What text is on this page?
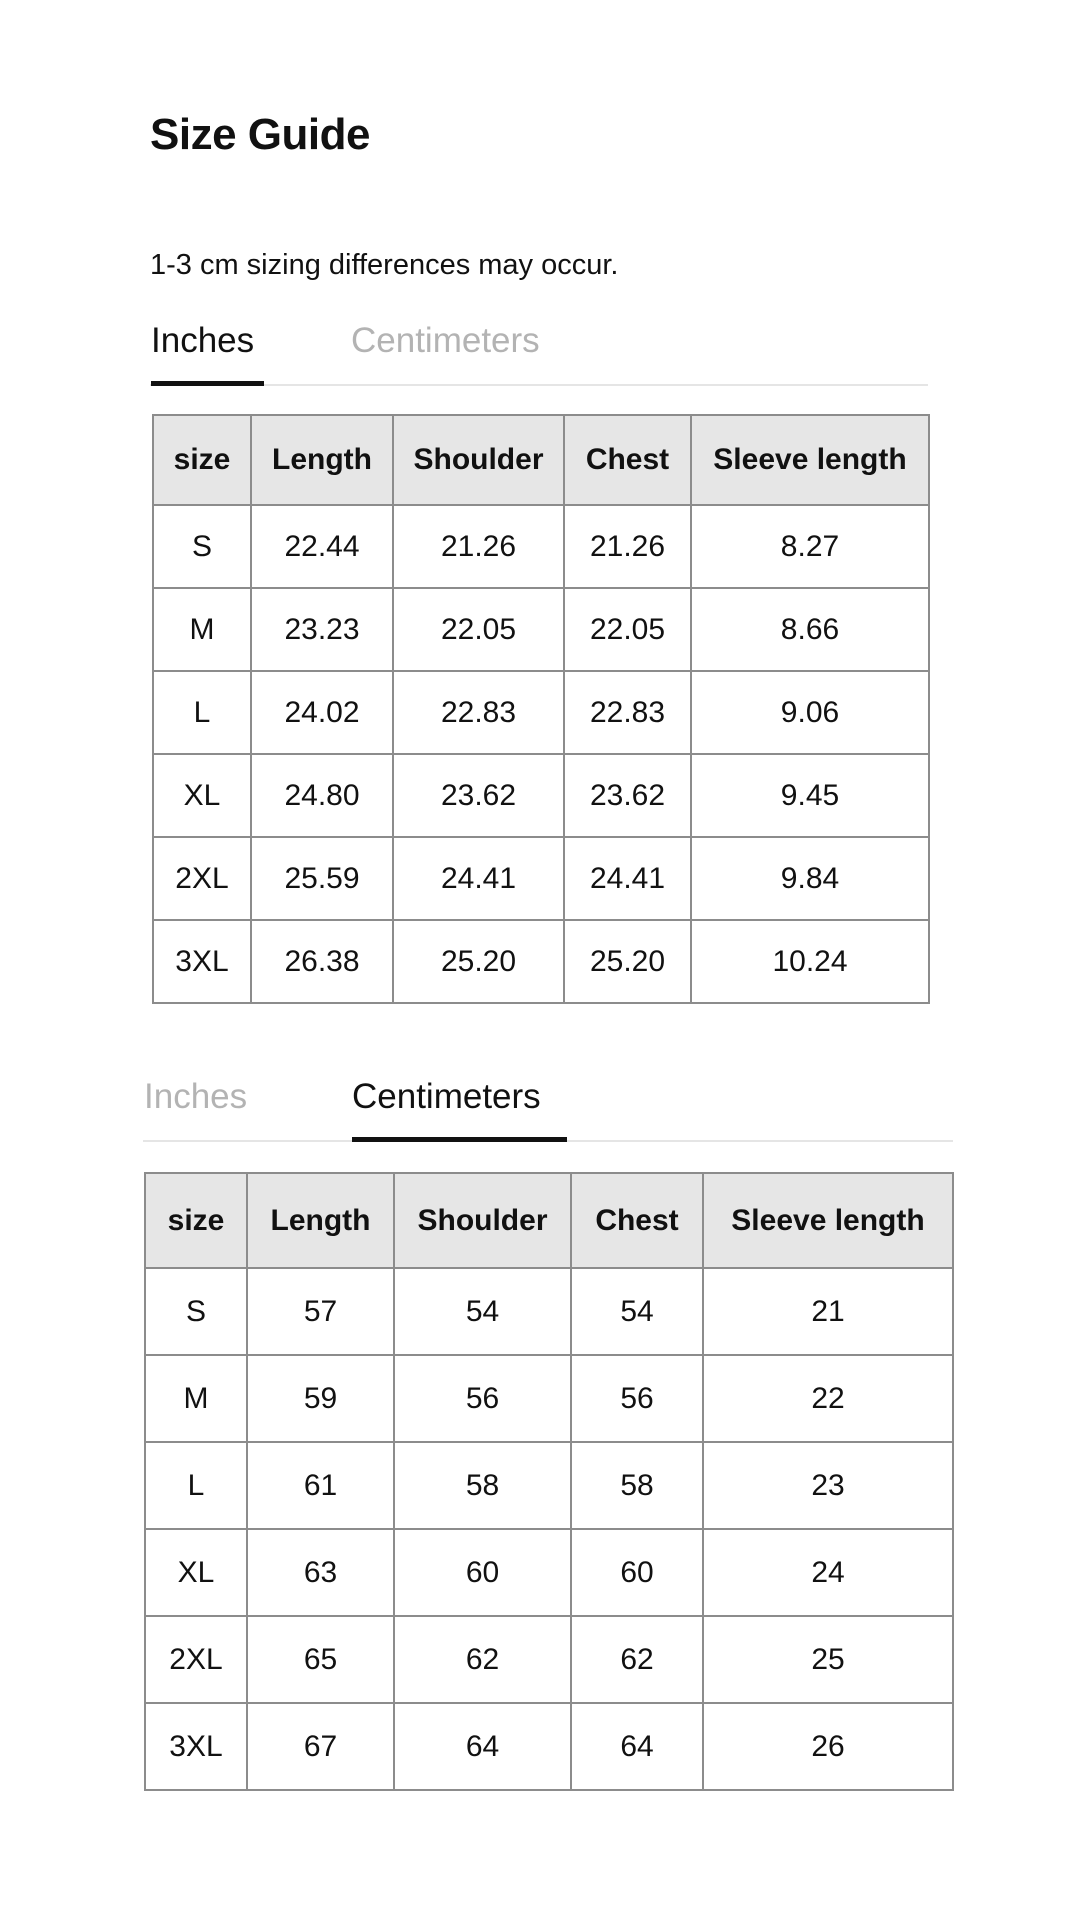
Size Guide

1-3 cm sizing differences may occur.

Inches	Centimeters
size	Length	Shoulder	Chest	Sleeve length
S	22.44	21.26	21.26	8.27
M	23.23	22.05	22.05	8.66
L	24.02	22.83	22.83	9.06
XL	24.80	23.62	23.62	9.45
2XL	25.59	24.41	24.41	9.84
3XL	26.38	25.20	25.20	10.24
Inches	Centimeters
size	Length	Shoulder	Chest	Sleeve length
S	57	54	54	21
M	59	56	56	22
L	61	58	58	23
XL	63	60	60	24
2XL	65	62	62	25
3XL	67	64	64	26
